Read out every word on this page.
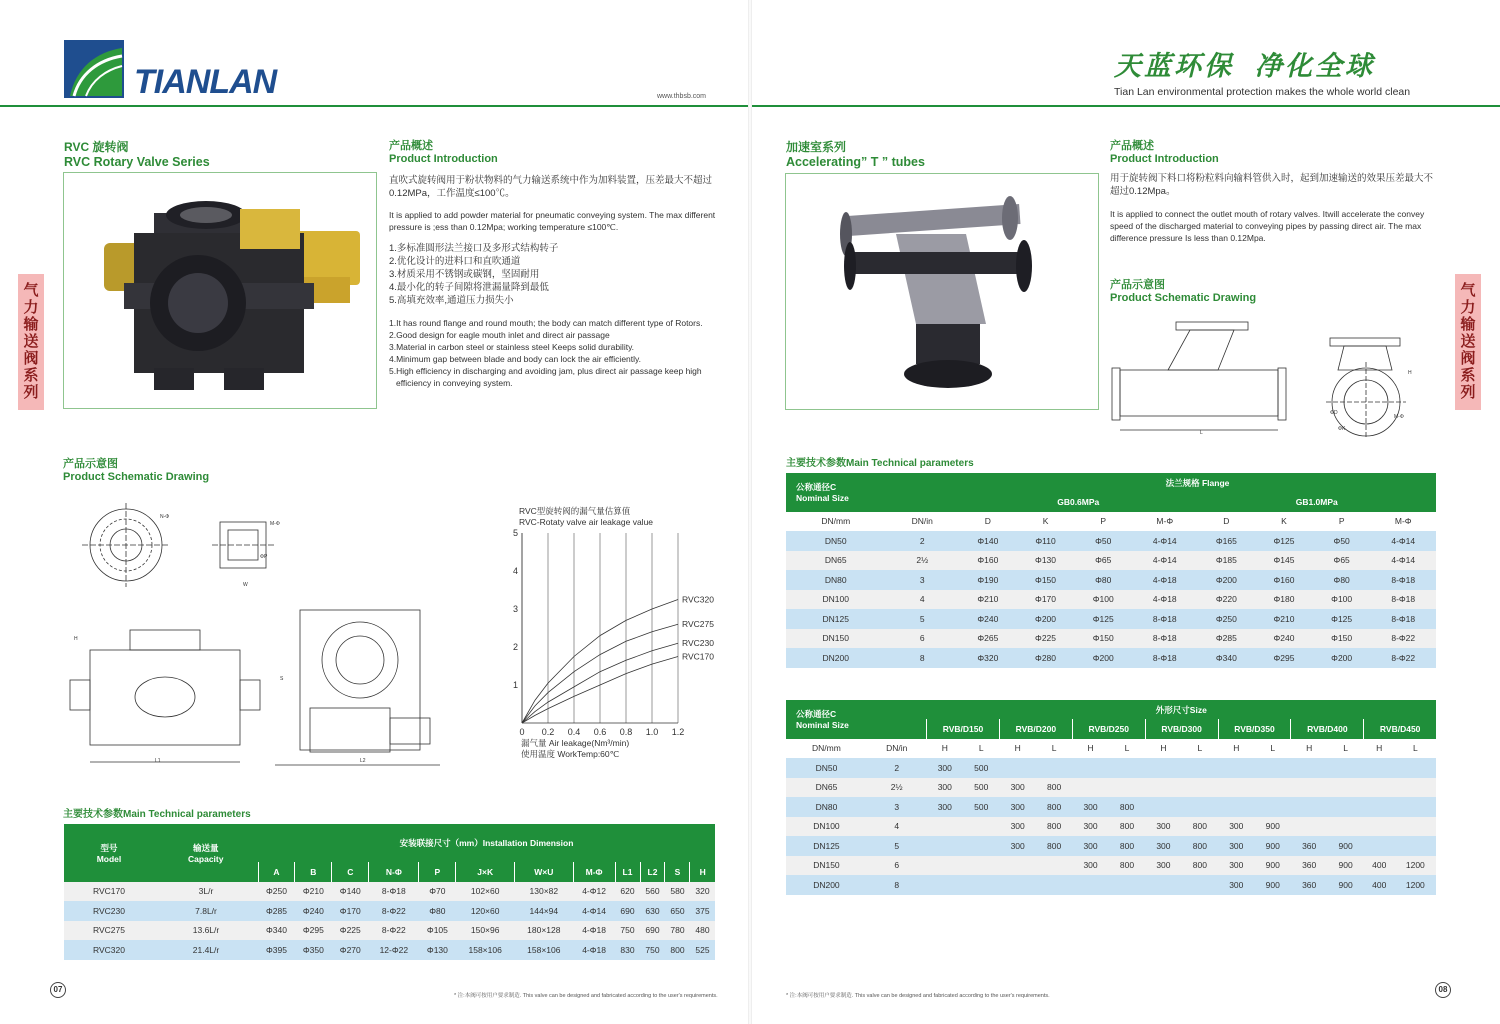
TIANLAN	www.thbsb.com
气力输送阀系列
RVC 旋转阀
RVC Rotary Valve Series
产品概述
Product Introduction
直吹式旋转阀用于粉状物料的气力输送系统中作为加料装置，压差最大不超过0.12MPa，工作温度≤100℃。
It is applied to add powder material for pneumatic conveying system. The max different pressure is ;ess than 0.12Mpa; working temperature ≤100℃.
1.多标准圆形法兰接口及多形式结构转子
2.优化设计的进料口和直吹通道
3.材质采用不锈钢或碳钢，坚固耐用
4.最小化的转子间隙将泄漏量降到最低
5.高填充效率,通道压力损失小
1.It has round flange and round mouth; the body can match different type of Rotors.
2.Good design for eagle mouth inlet and direct air passage
3.Material in carbon steel or stainless steel Keeps solid durability.
4.Minimum gap between blade and body can lock the air efficiently.
5.High efficiency in discharging and avoiding jam, plus direct air passage keep high
efficiency in conveying system.
产品示意图
Product Schematic Drawing
N-Φ
M-Φ
ΦP
W
L1	L2
H
S
RVC型旋转阀的漏气量估算值
RVC-Rotaty valve air leakage value
0 0.2 0.4 0.6 0.8 1.0 1.2
1
2
3
4
5
RVC320
RVC275
RVC230
RVC170
漏气量 Air leakage(Nm³/min)
使用温度 WorkTemp:60℃
主要技术参数Main Technical parameters
型号
Model	输送量
Capacity	安装联接尺寸（mm）Installation Dimension											
		A	B	C	N-Φ	P	J×K	W×U	M-Φ	L1	L2	S	H
RVC170	3L/r	Φ250	Φ210	Φ140	8-Φ18	Φ70	102×60	130×82	4-Φ12	620	560	580	320
RVC230	7.8L/r	Φ285	Φ240	Φ170	8-Φ22	Φ80	120×60	144×94	4-Φ14	690	630	650	375
RVC275	13.6L/r	Φ340	Φ295	Φ225	8-Φ22	Φ105	150×96	180×128	4-Φ18	750	690	780	480
RVC320	21.4L/r	Φ395	Φ350	Φ270	12-Φ22	Φ130	158×106	158×106	4-Φ18	830	750	800	525
07
* 注:本阀可按用户要求制造. This valve can be designed and fabricated according to the user's requirements.
天蓝环保  净化全球
Tian Lan environmental protection makes the whole world clean
气力输送阀系列
加速室系列
Accelerating” T ” tubes
产品概述
Product Introduction
用于旋转阀下料口将粉粒料向输料管供入时，起到加速输送的效果压差最大不超过0.12Mpa。
It is applied to connect the outlet mouth of rotary valves. Itwill accelerate the convey speed of the discharged material to conveying pipes by passing direct air. The max difference pressure Is less than 0.12Mpa.
产品示意图
Product Schematic Drawing
L
H
M-Φ
ΦK
ΦD
主要技术参数Main Technical parameters
公称通径C
Nominal Size		法兰规格 Flange							
		GB0.6MPa				GB1.0MPa			
DN/mm	DN/in	D	K	P	M-Φ	D	K	P	M-Φ
DN50	2	Φ140	Φ110	Φ50	4-Φ14	Φ165	Φ125	Φ50	4-Φ14
DN65	2½	Φ160	Φ130	Φ65	4-Φ14	Φ185	Φ145	Φ65	4-Φ14
DN80	3	Φ190	Φ150	Φ80	4-Φ18	Φ200	Φ160	Φ80	8-Φ18
DN100	4	Φ210	Φ170	Φ100	4-Φ18	Φ220	Φ180	Φ100	8-Φ18
DN125	5	Φ240	Φ200	Φ125	8-Φ18	Φ250	Φ210	Φ125	8-Φ18
DN150	6	Φ265	Φ225	Φ150	8-Φ18	Φ285	Φ240	Φ150	8-Φ22
DN200	8	Φ320	Φ280	Φ200	8-Φ18	Φ340	Φ295	Φ200	8-Φ22
公称通径C
Nominal Size		外形尺寸Size													
		RVB/D150		RVB/D200		RVB/D250		RVB/D300		RVB/D350		RVB/D400		RVB/D450	
DN/mm	DN/in	H	L	H	L	H	L	H	L	H	L	H	L	H	L
DN50	2	300	500												
DN65	2½	300	500	300	800										
DN80	3	300	500	300	800	300	800								
DN100	4			300	800	300	800	300	800	300	900				
DN125	5			300	800	300	800	300	800	300	900	360	900		
DN150	6					300	800	300	800	300	900	360	900	400	1200
DN200	8									300	900	360	900	400	1200
08
* 注:本阀可按用户要求制造. This valve can be designed and fabricated according to the user's requirements.
